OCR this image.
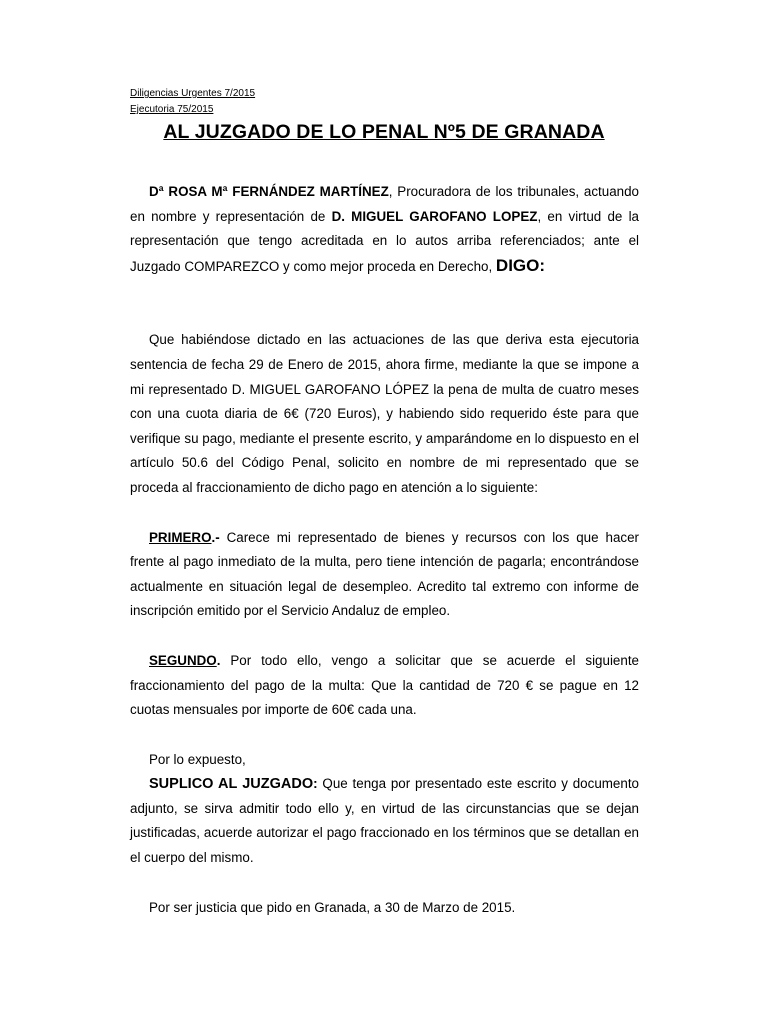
Diligencias Urgentes 7/2015
Ejecutoria 75/2015
AL JUZGADO DE LO PENAL Nº5 DE GRANADA

Dª ROSA Mª FERNÁNDEZ MARTÍNEZ, Procuradora de los tribunales, actuando en nombre y representación de D. MIGUEL GAROFANO LOPEZ, en virtud de la representación que tengo acreditada en lo autos arriba referenciados; ante el Juzgado COMPAREZCO y como mejor proceda en Derecho, DIGO:

Que habiéndose dictado en las actuaciones de las que deriva esta ejecutoria sentencia de fecha 29 de Enero de 2015, ahora firme, mediante la que se impone a mi representado D. MIGUEL GAROFANO LÓPEZ la pena de multa de cuatro meses con una cuota diaria de 6€ (720 Euros), y habiendo sido requerido éste para que verifique su pago, mediante el presente escrito, y amparándome en lo dispuesto en el artículo 50.6 del Código Penal, solicito en nombre de mi representado que se proceda al fraccionamiento de dicho pago en atención a lo siguiente:

PRIMERO.- Carece mi representado de bienes y recursos con los que hacer frente al pago inmediato de la multa, pero tiene intención de pagarla; encontrándose actualmente en situación legal de desempleo. Acredito tal extremo con informe de inscripción emitido por el Servicio Andaluz de empleo.

SEGUNDO. Por todo ello, vengo a solicitar que se acuerde el siguiente fraccionamiento del pago de la multa: Que la cantidad de 720 € se pague en 12 cuotas mensuales por importe de 60€ cada una.

Por lo expuesto,

SUPLICO AL JUZGADO: Que tenga por presentado este escrito y documento adjunto, se sirva admitir todo ello y, en virtud de las circunstancias que se dejan justificadas, acuerde autorizar el pago fraccionado en los términos que se detallan en el cuerpo del mismo.

Por ser justicia que pido en Granada, a 30 de Marzo de 2015.
